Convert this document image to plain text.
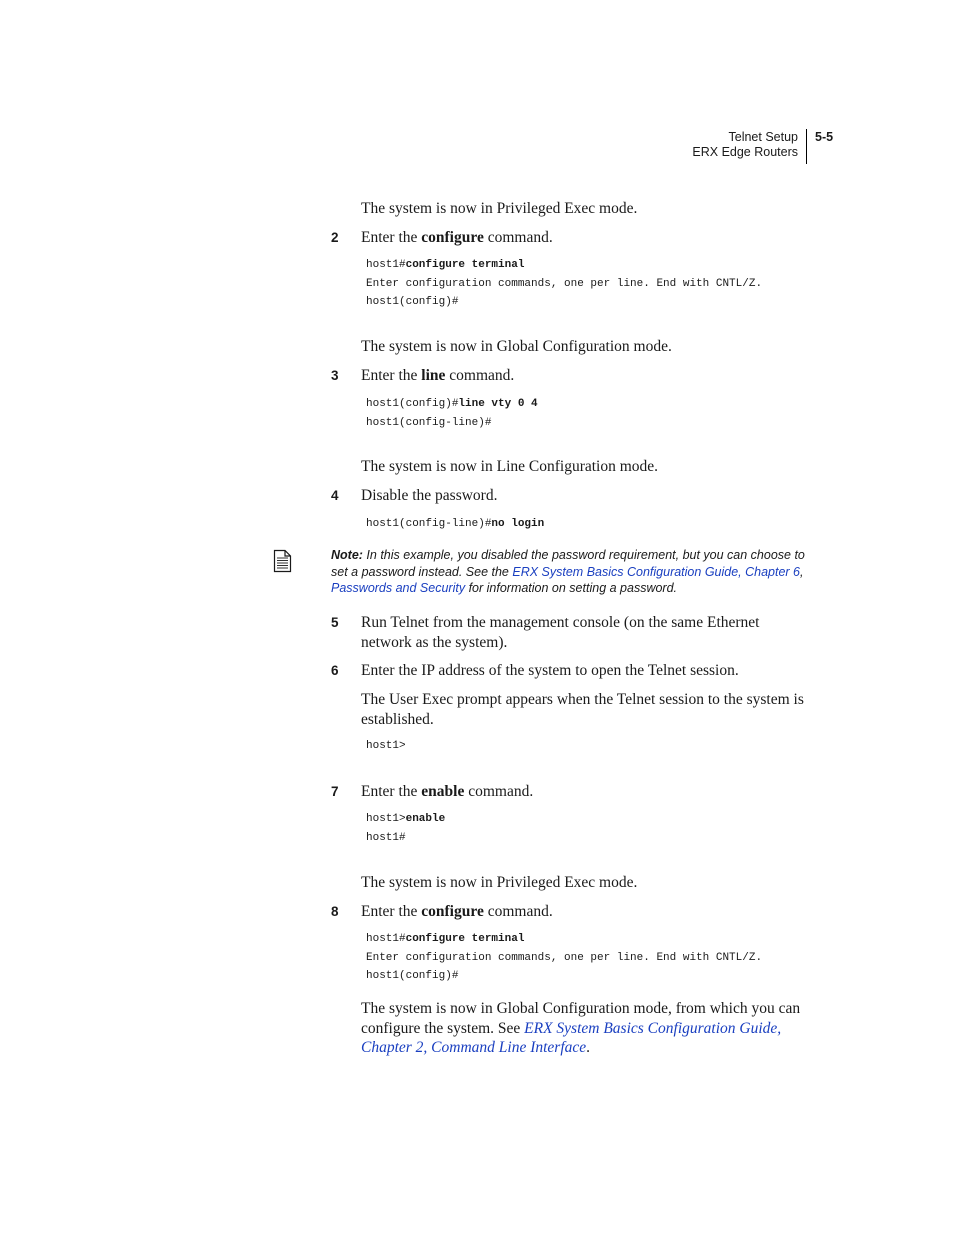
Telnet Setup
ERX Edge Routers
5-5
The system is now in Privileged Exec mode.
2 Enter the configure command.
host1#configure terminal
Enter configuration commands, one per line. End with CNTL/Z.
host1(config)#
The system is now in Global Configuration mode.
3 Enter the line command.
host1(config)#line vty 0 4
host1(config-line)#
The system is now in Line Configuration mode.
4 Disable the password.
host1(config-line)#no login
Note: In this example, you disabled the password requirement, but you can choose to set a password instead. See the ERX System Basics Configuration Guide, Chapter 6, Passwords and Security for information on setting a password.
5 Run Telnet from the management console (on the same Ethernet network as the system).
6 Enter the IP address of the system to open the Telnet session.
The User Exec prompt appears when the Telnet session to the system is established.
host1>
7 Enter the enable command.
host1>enable
host1#
The system is now in Privileged Exec mode.
8 Enter the configure command.
host1#configure terminal
Enter configuration commands, one per line. End with CNTL/Z.
host1(config)#
The system is now in Global Configuration mode, from which you can configure the system. See ERX System Basics Configuration Guide, Chapter 2, Command Line Interface.
